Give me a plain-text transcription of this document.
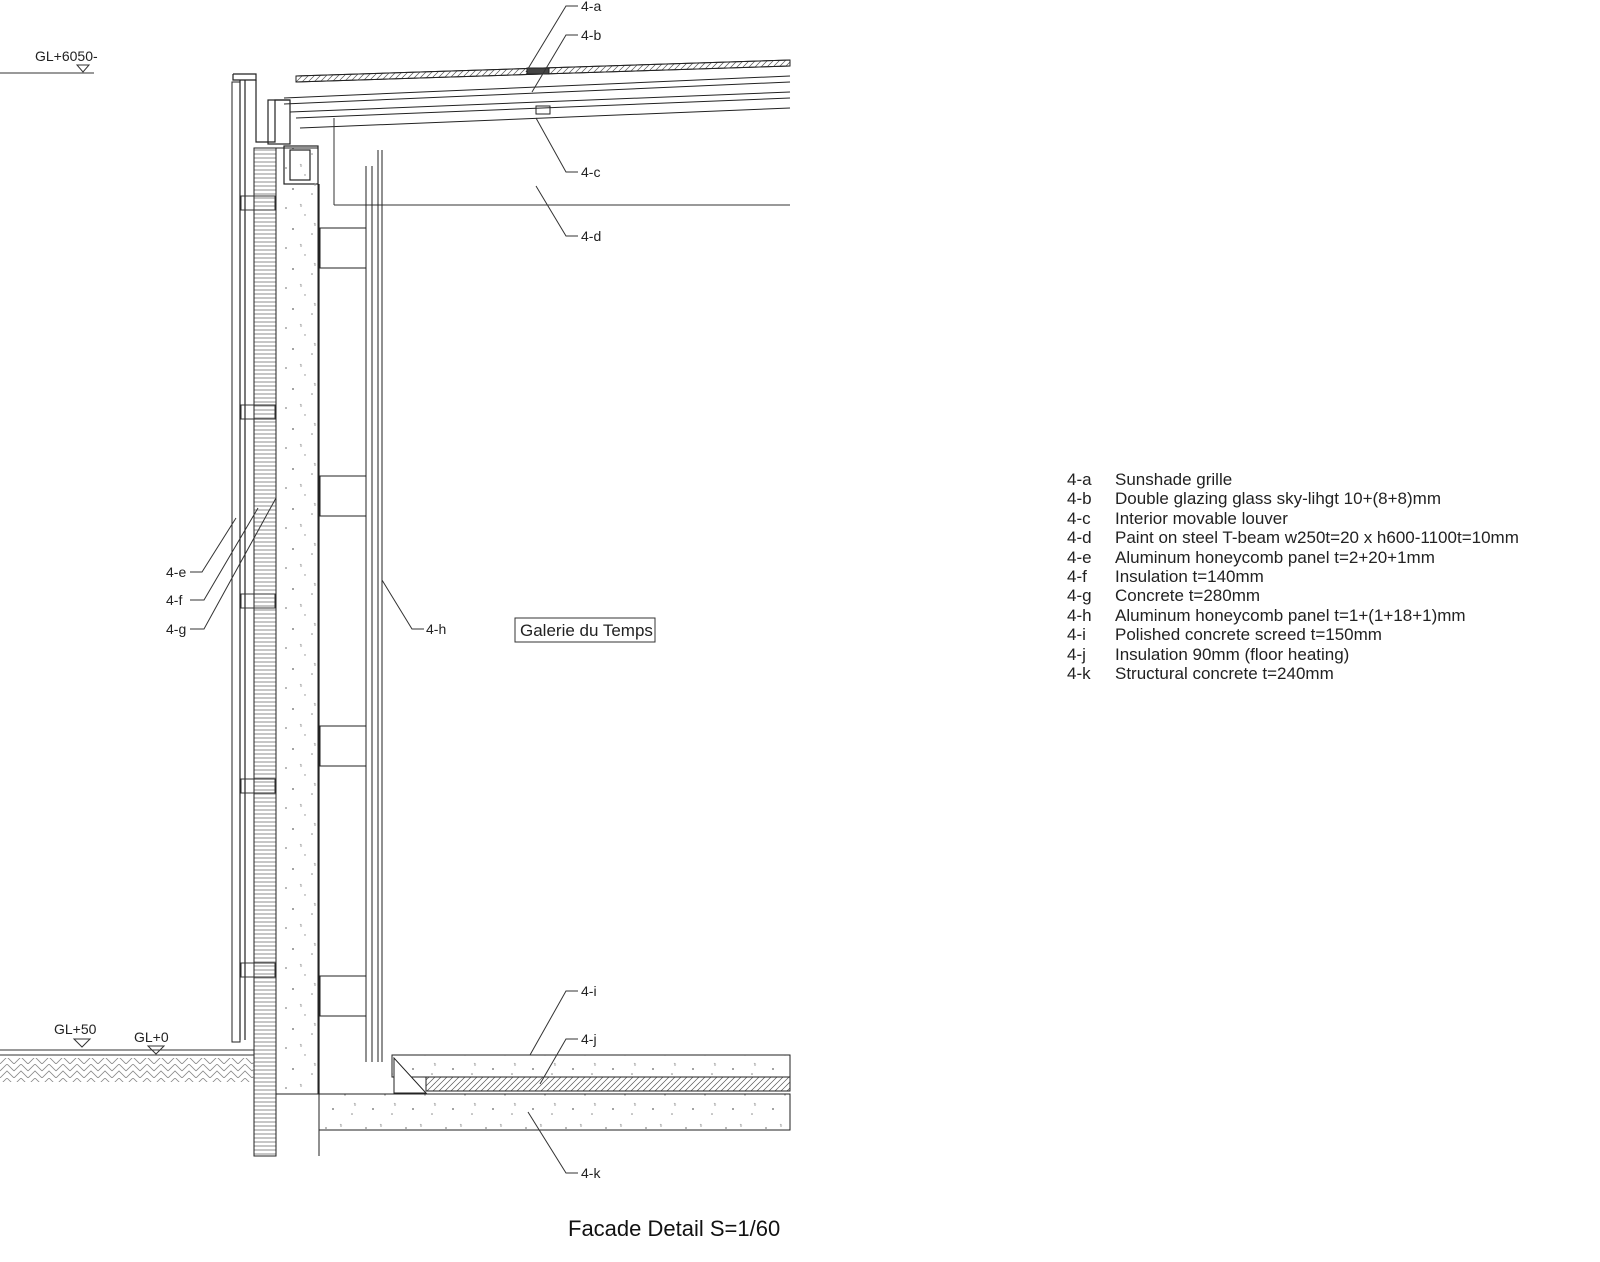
GL+6050-
GL+50	GL+0
4-a
4-b
4-c
4-d
4-e
4-f
4-g	4-h
4-i
4-j
4-k
Galerie du Temps
Facade Detail S=1/60
4-a	Sunshade grille
4-b	Double glazing glass sky-lihgt 10+(8+8)mm
4-c	Interior movable louver
4-d	Paint on steel T-beam w250t=20 x h600-1100t=10mm
4-e	Aluminum honeycomb panel t=2+20+1mm
4-f	Insulation t=140mm
4-g	Concrete t=280mm
4-h	Aluminum honeycomb panel t=1+(1+18+1)mm
4-i	Polished concrete screed t=150mm
4-j	Insulation 90mm (floor heating)
4-k	Structural concrete t=240mm
